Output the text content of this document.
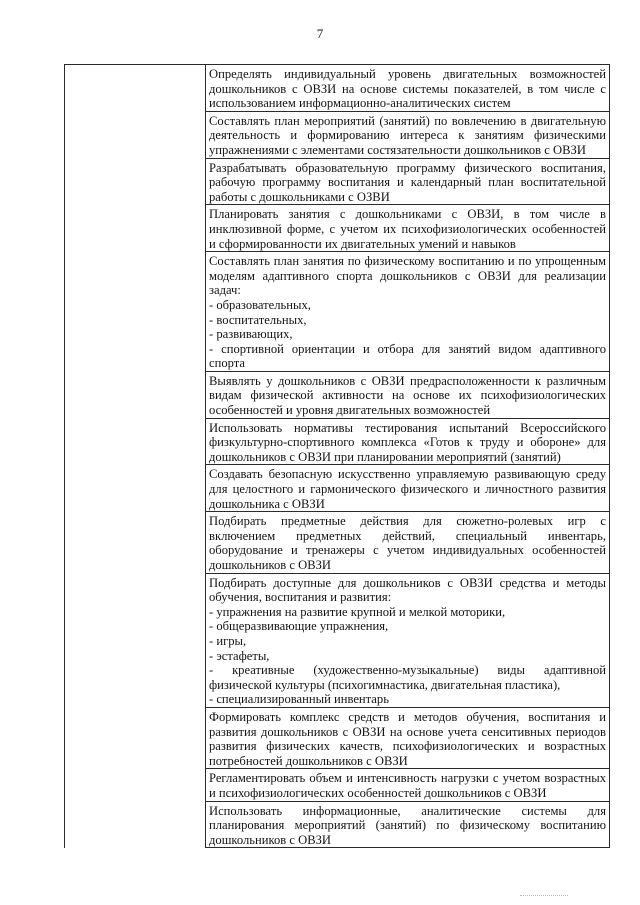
7
Определять индивидуальный уровень двигательных возможностей
дошкольников с ОВЗИ на основе системы показателей, в том числе с
использованием информационно-аналитических систем
Составлять план мероприятий (занятий) по вовлечению в двигательную
деятельность и формированию интереса к занятиям физическими
упражнениями с элементами состязательности дошкольников с ОВЗИ
Разрабатывать образовательную программу физического воспитания,
рабочую программу воспитания и календарный план воспитательной
работы с дошкольниками с ОЗВИ
Планировать занятия с дошкольниками с ОВЗИ, в том числе в
инклюзивной форме, с учетом их психофизиологических особенностей
и сформированности их двигательных умений и навыков
Составлять план занятия по физическому воспитанию и по упрощенным
моделям адаптивного спорта дошкольников с ОВЗИ для реализации
задач:
- образовательных,
- воспитательных,
- развивающих,
- спортивной ориентации и отбора для занятий видом адаптивного
спорта
Выявлять у дошкольников с ОВЗИ предрасположенности к различным
видам физической активности на основе их психофизиологических
особенностей и уровня двигательных возможностей
Использовать нормативы тестирования испытаний Всероссийского
физкультурно-спортивного комплекса «Готов к труду и обороне» для
дошкольников с ОВЗИ при планировании мероприятий (занятий)
Создавать безопасную искусственно управляемую развивающую среду
для целостного и гармонического физического и личностного развития
дошкольника с ОВЗИ
Подбирать предметные действия для сюжетно-ролевых игр с
включением предметных действий, специальный инвентарь,
оборудование и тренажеры с учетом индивидуальных особенностей
дошкольников с ОВЗИ
Подбирать доступные для дошкольников с ОВЗИ средства и методы
обучения, воспитания и развития:
- упражнения на развитие крупной и мелкой моторики,
- общеразвивающие упражнения,
- игры,
- эстафеты,
- креативные (художественно-музыкальные) виды адаптивной
физической культуры (психогимнастика, двигательная пластика),
- специализированный инвентарь
Формировать комплекс средств и методов обучения, воспитания и
развития дошкольников с ОВЗИ на основе учета сенситивных периодов
развития физических качеств, психофизиологических и возрастных
потребностей дошкольников с ОВЗИ
Регламентировать объем и интенсивность нагрузки с учетом возрастных
и психофизиологических особенностей дошкольников с ОВЗИ
Использовать информационные, аналитические системы для
планирования мероприятий (занятий) по физическому воспитанию
дошкольников с ОВЗИ
